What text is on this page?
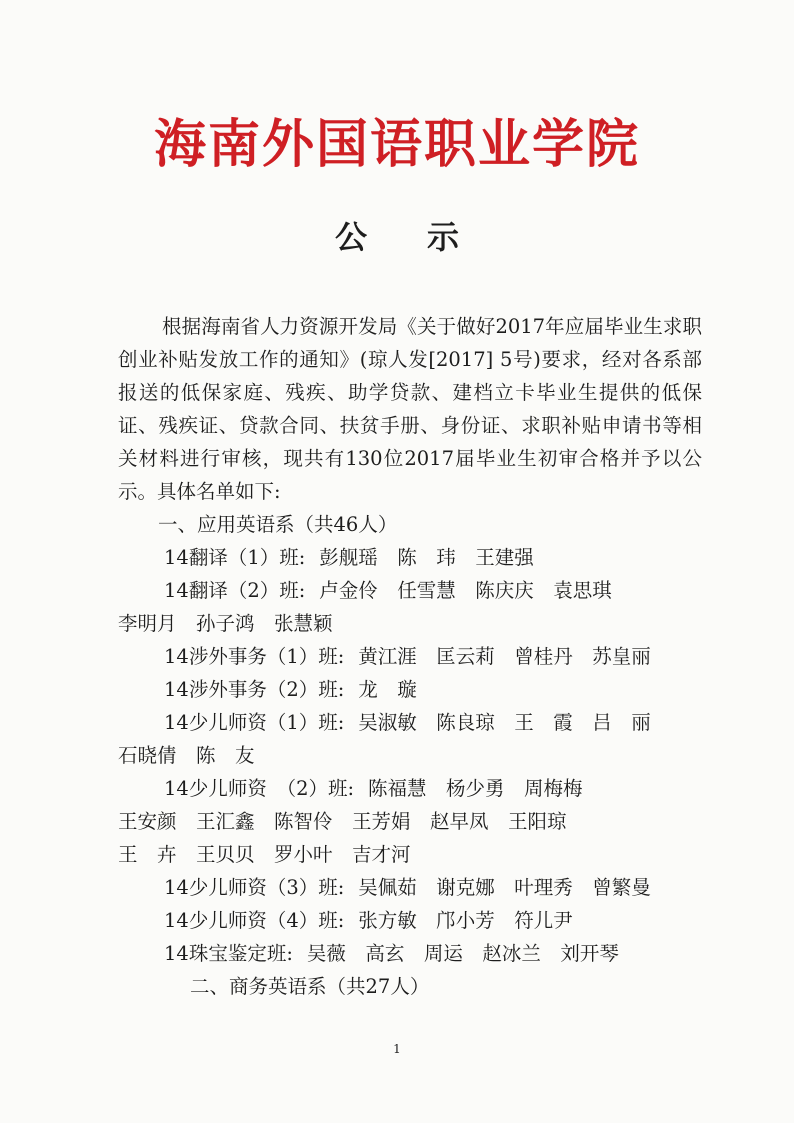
海南外国语职业学院
公示
根据海南省人力资源开发局《关于做好2017年应届毕业生求职创业补贴发放工作的通知》(琼人发[2017] 5号)要求，经对各系部报送的低保家庭、残疾、助学贷款、建档立卡毕业生提供的低保证、残疾证、贷款合同、扶贫手册、身份证、求职补贴申请书等相关材料进行审核，现共有130位2017届毕业生初审合格并予以公示。具体名单如下:
一、应用英语系（共46人）
14翻译（1）班: 彭舰瑶　陈　玮　王建强
14翻译（2）班: 卢金伶　任雪慧　陈庆庆　袁思琪
李明月　孙子鸿　张慧颖
14涉外事务（1）班: 黄江涯　匡云莉　曾桂丹　苏皇丽
14涉外事务（2）班: 龙　璇
14少儿师资（1）班: 吴淑敏　陈良琼　王　霞　吕　丽
石晓倩　陈　友
14少儿师资　（2）班: 陈福慧　杨少勇　周梅梅
王安颜　王汇鑫　陈智伶　王芳娟　赵早凤　王阳琼
王　卉　王贝贝　罗小叶　吉才河
14少儿师资（3）班: 吴佩茹　谢克娜　叶理秀　曾繁曼
14少儿师资（4）班: 张方敏　邝小芳　符儿尹
14珠宝鉴定班: 吴薇　高玄　周运　赵冰兰　刘开琴
二、商务英语系（共27人）
1
